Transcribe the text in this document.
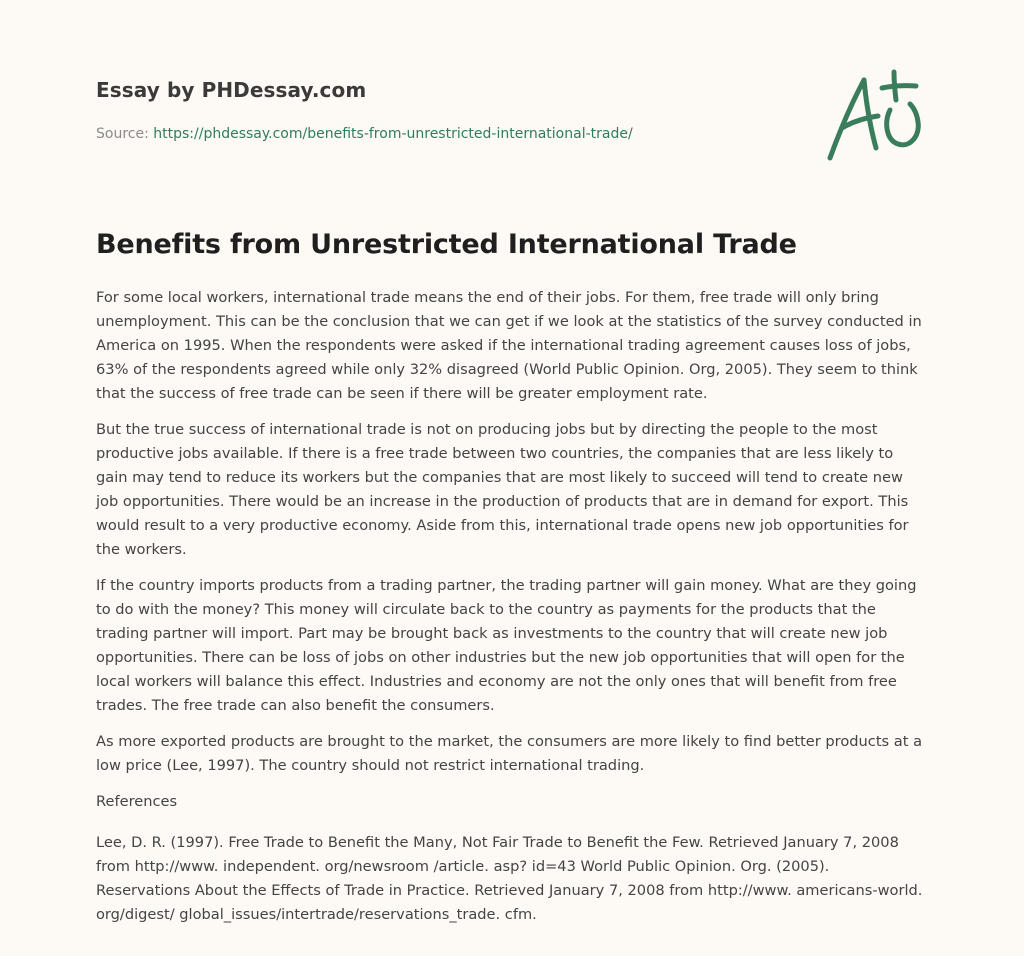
Essay by PHDessay.com
Source: https://phdessay.com/benefits-from-unrestricted-international-trade/
Benefits from Unrestricted International Trade

For some local workers, international trade means the end of their jobs. For them, free trade will only bring unemployment. This can be the conclusion that we can get if we look at the statistics of the survey conducted in America on 1995. When the respondents were asked if the international trading agreement causes loss of jobs, 63% of the respondents agreed while only 32% disagreed (World Public Opinion. Org, 2005). They seem to think that the success of free trade can be seen if there will be greater employment rate.

But the true success of international trade is not on producing jobs but by directing the people to the most productive jobs available. If there is a free trade between two countries, the companies that are less likely to gain may tend to reduce its workers but the companies that are most likely to succeed will tend to create new job opportunities. There would be an increase in the production of products that are in demand for export. This would result to a very productive economy. Aside from this, international trade opens new job opportunities for the workers.

If the country imports products from a trading partner, the trading partner will gain money. What are they going to do with the money? This money will circulate back to the country as payments for the products that the trading partner will import. Part may be brought back as investments to the country that will create new job opportunities. There can be loss of jobs on other industries but the new job opportunities that will open for the local workers will balance this effect. Industries and economy are not the only ones that will benefit from free trades. The free trade can also benefit the consumers.

As more exported products are brought to the market, the consumers are more likely to find better products at a low price (Lee, 1997). The country should not restrict international trading.

References

Lee, D. R. (1997). Free Trade to Benefit the Many, Not Fair Trade to Benefit the Few. Retrieved January 7, 2008 from http://www. independent. org/newsroom /article. asp? id=43 World Public Opinion. Org. (2005). Reservations About the Effects of Trade in Practice. Retrieved January 7, 2008 from http://www. americans-world. org/digest/ global_issues/intertrade/reservations_trade. cfm.
